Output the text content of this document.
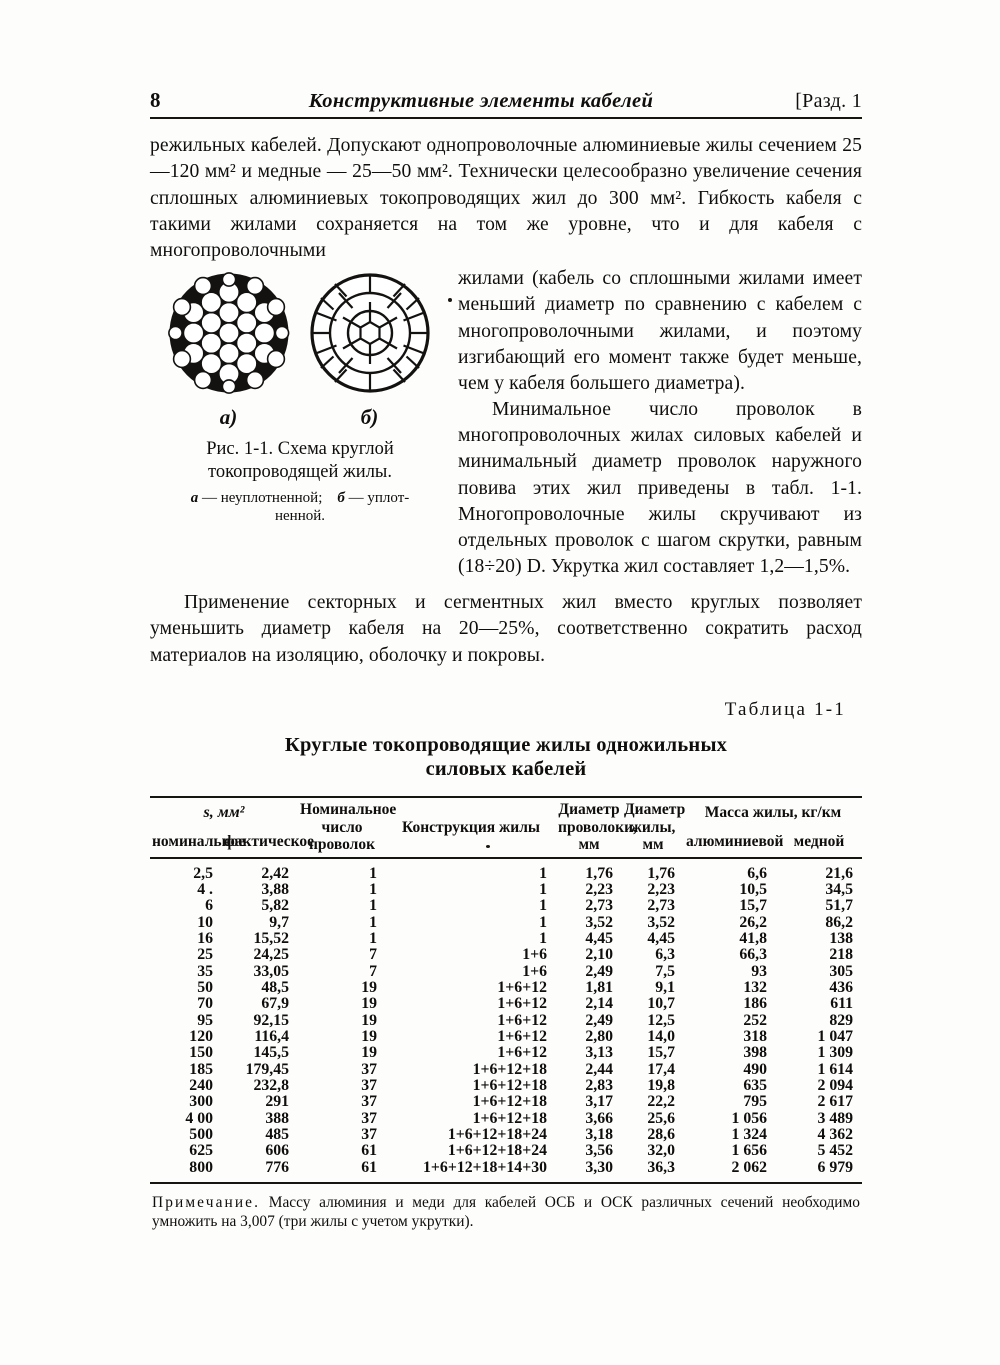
8	Конструктивные элементы кабелей	[Разд. 1

режильных кабелей. Допускают однопроволочные алюминиевые жилы сечением 25—120 мм² и медные — 25—50 мм². Технически целесообразно увеличение сечения сплошных алюминиевых токопроводящих жил до 300 мм². Гибкость кабеля с такими жилами сохраняется на том же уровне, что и для кабеля с многопроволочными

а)	б)
Рис. 1-1. Схема круглой
токопроводящей жилы.
а — неуплотненной; б — уплот-
ненной.

жилами (кабель со сплошными жилами имеет меньший диаметр по сравнению с кабелем с многопроволочными жилами, и поэтому изгибающий его момент также будет меньше, чем у кабеля большего диаметра).

Минимальное число проволок в многопроволочных жилах силовых кабелей и минимальный диаметр проволок наружного повива этих жил приведены в табл. 1-1. Многопроволочные жилы скручивают из отдельных проволок с шагом скрутки, равным (18÷20) D. Укрутка жил составляет 1,2—1,5%.

Применение секторных и сегментных жил вместо круглых позволяет уменьшить диаметр кабеля на 20—25%, соответственно сократить расход материалов на изоляцию, оболочку и покровы.

Таблица 1-1
Круглые токопроводящие жилы одножильных
силовых кабелей
s, мм²		Номинальное число проволок	Конструкция жилы	Диаметр проволоки, мм	Диаметр жилы, мм	Масса жилы, кг/км	
номинальное	фактическое					алюминиевой	медной
2,5	2,42	1	1	1,76	1,76	6,6	21,6
4 .	3,88	1	1	2,23	2,23	10,5	34,5
6	5,82	1	1	2,73	2,73	15,7	51,7
10	9,7	1	1	3,52	3,52	26,2	86,2
16	15,52	1	1	4,45	4,45	41,8	138
25	24,25	7	1+6	2,10	6,3	66,3	218
35	33,05	7	1+6	2,49	7,5	93	305
50	48,5	19	1+6+12	1,81	9,1	132	436
70	67,9	19	1+6+12	2,14	10,7	186	611
95	92,15	19	1+6+12	2,49	12,5	252	829
120	116,4	19	1+6+12	2,80	14,0	318	1 047
150	145,5	19	1+6+12	3,13	15,7	398	1 309
185	179,45	37	1+6+12+18	2,44	17,4	490	1 614
240	232,8	37	1+6+12+18	2,83	19,8	635	2 094
300	291	37	1+6+12+18	3,17	22,2	795	2 617
4 00	388	37	1+6+12+18	3,66	25,6	1 056	3 489
500	485	37	1+6+12+18+24	3,18	28,6	1 324	4 362
625	606	61	1+6+12+18+24	3,56	32,0	1 656	5 452
800	776	61	1+6+12+18+14+30	3,30	36,3	2 062	6 979
Примечание. Массу алюминия и меди для кабелей ОСБ и ОСК различных сечений необходимо умножить на 3,007 (три жилы с учетом укрутки).
